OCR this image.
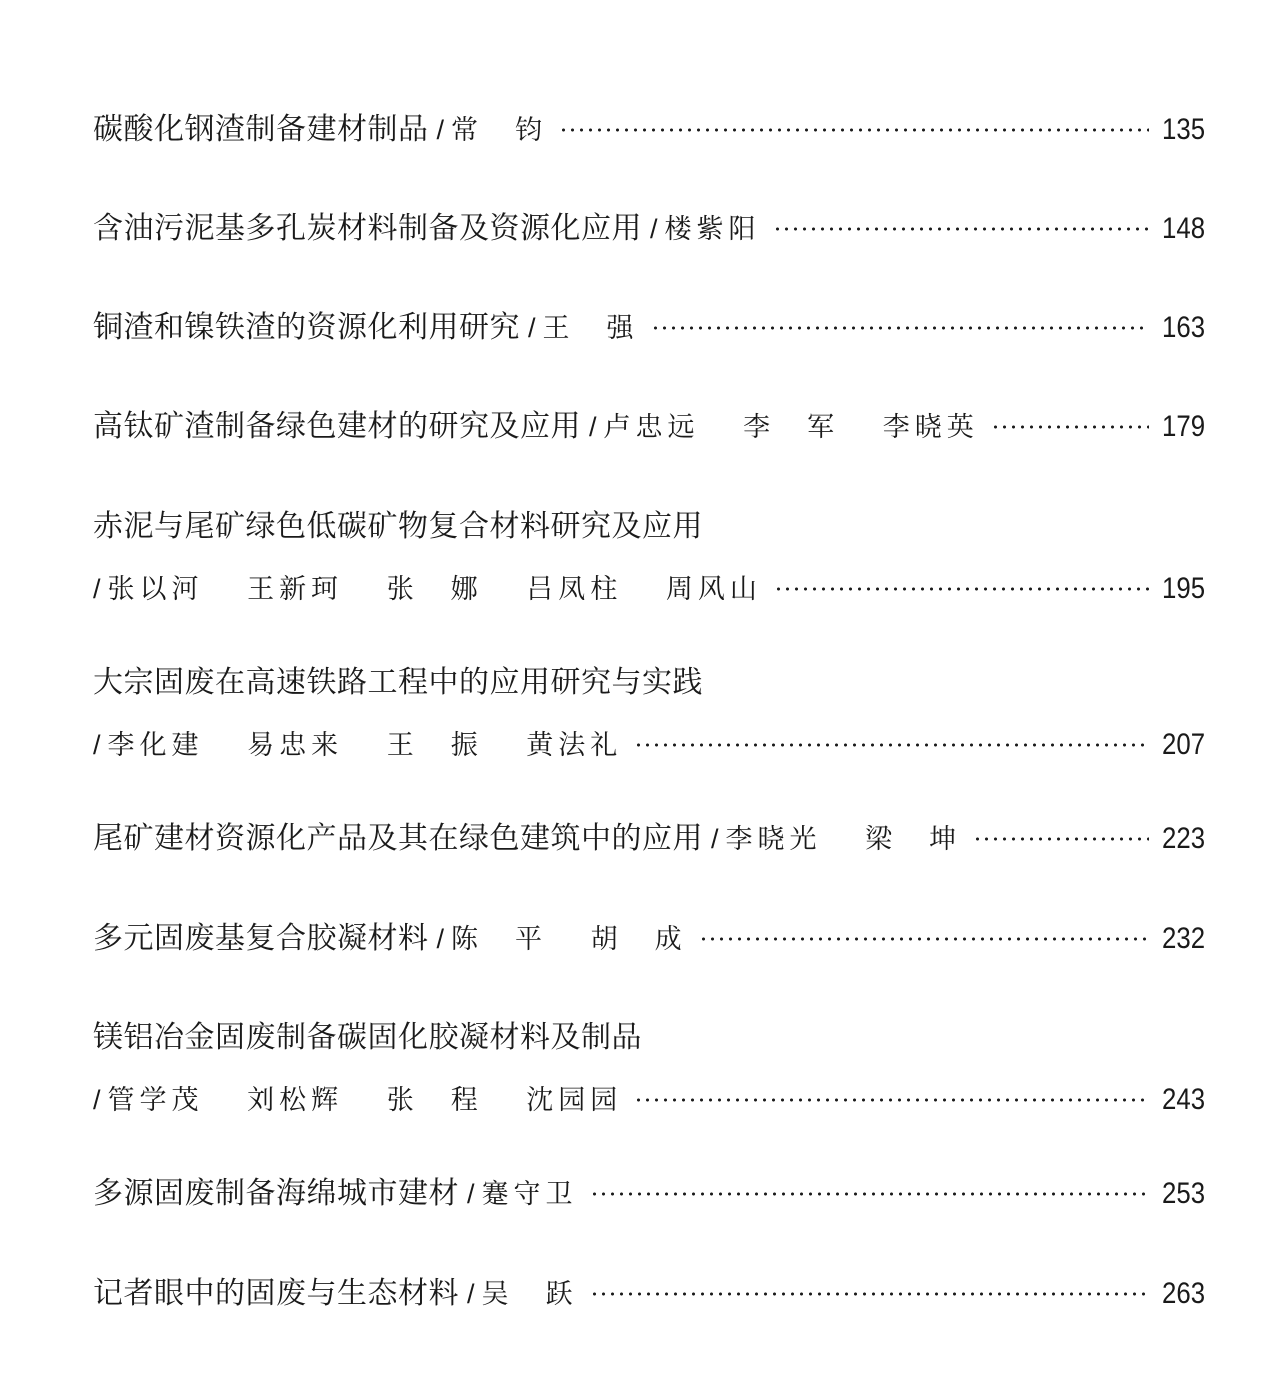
碳酸化钢渣制备建材制品 / 常　钧	135
含油污泥基多孔炭材料制备及资源化应用 / 楼紫阳	148
铜渣和镍铁渣的资源化利用研究 / 王　强	163
高钛矿渣制备绿色建材的研究及应用 / 卢忠远 李　军 李晓英	179
赤泥与尾矿绿色低碳矿物复合材料研究及应用
/ 张以河 王新珂 张　娜 吕凤柱 周风山	195
大宗固废在高速铁路工程中的应用研究与实践
/ 李化建 易忠来 王　振 黄法礼	207
尾矿建材资源化产品及其在绿色建筑中的应用 / 李晓光 梁　坤	223
多元固废基复合胶凝材料 / 陈　平 胡　成	232
镁铝冶金固废制备碳固化胶凝材料及制品
/ 管学茂 刘松辉 张　程 沈园园	243
多源固废制备海绵城市建材 / 蹇守卫	253
记者眼中的固废与生态材料 / 吴　跃	263
